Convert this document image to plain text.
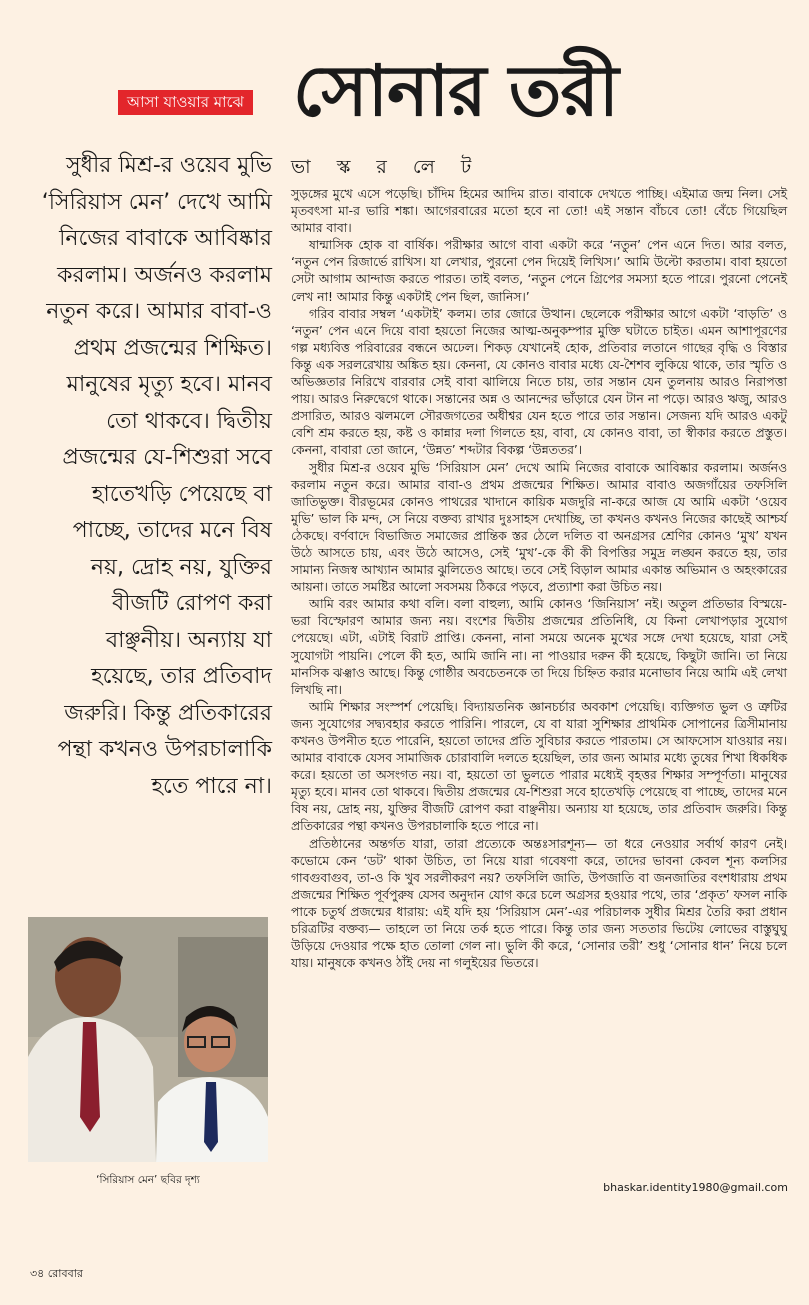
আসা যাওয়ার মাঝে সোনার তরী
ভা স্ক র লে ট
সুধীর মিশ্র-র ওয়েব মুভি ‘সিরিয়াস মেন’ দেখে আমি নিজের বাবাকে আবিষ্কার করলাম। অর্জনও করলাম নতুন করে। আমার বাবা-ও প্রথম প্রজন্মের শিক্ষিত। মানুষের মৃত্যু হবে। মানব তো থাকবে। দ্বিতীয় প্রজন্মের যে-শিশুরা সবে হাতেখড়ি পেয়েছে বা পাচ্ছে, তাদের মনে বিষ নয়, দ্রোহ নয়, যুক্তির বীজটি রোপণ করা বাঞ্ছনীয়। অন্যায় যা হয়েছে, তার প্রতিবাদ জরুরি। কিন্তু প্রতিকারের পন্থা কখনও উপরচালাকি হতে পারে না।
‘সিরিয়াস মেন’ ছবির দৃশ্য

সুড়ঙ্গের মুখে এসে পড়েছি। চাঁদিম হিমের আদিম রাত। বাবাকে দেখতে পাচ্ছি। এইমাত্র জন্ম নিল। সেই মৃতবৎসা মা-র ভারি শঙ্কা। আগেরবারের মতো হবে না তো! এই সন্তান বাঁচবে তো! বেঁচে গিয়েছিল আমার বাবা।

ষান্মাসিক হোক বা বার্ষিক। পরীক্ষার আগে বাবা একটা করে ‘নতুন’ পেন এনে দিত। আর বলত, ‘নতুন পেন রিজার্ভে রাখিস। যা লেখার, পুরনো পেন দিয়েই লিখিস।’ আমি উল্টো করতাম। বাবা হয়তো সেটা আগাম আন্দাজ করতে পারত। তাই বলত, ‘নতুন পেনে গ্রিপের সমস্যা হতে পারে। পুরনো পেনেই লেখ না! আমার কিন্তু একটাই পেন ছিল, জানিস।’

গরিব বাবার সম্বল ‘একটাই’ কলম। তার জোরে উত্থান। ছেলেকে পরীক্ষার আগে একটা ‘বাড়তি’ ও ‘নতুন’ পেন এনে দিয়ে বাবা হয়তো নিজের আত্ম-অনুকম্পার মুক্তি ঘটাতে চাইত। এমন আশাপূরণের গল্প মধ্যবিত্ত পরিবারের বন্ধনে অঢেল। শিকড় যেখানেই হোক, প্রতিবার লতানে গাছের বৃদ্ধি ও বিস্তার কিন্তু এক সরলরেখায় অঙ্কিত হয়। কেননা, যে কোনও বাবার মধ্যে যে-শৈশব লুকিয়ে থাকে, তার স্মৃতি ও অভিজ্ঞতার নিরিখে বারবার সেই বাবা ঝালিয়ে নিতে চায়, তার সন্তান যেন তুলনায় আরও নিরাপত্তা পায়। আরও নিরুদ্বেগে থাকে। সন্তানের অন্ন ও আনন্দের ভাঁড়ারে যেন টান না পড়ে। আরও ঋজু, আরও প্রসারিত, আরও ঝলমলে সৌরজগতের অধীশ্বর যেন হতে পারে তার সন্তান। সেজন্য যদি আরও একটু বেশি শ্রম করতে হয়, কষ্ট ও কান্নার দলা গিলতে হয়, বাবা, যে কোনও বাবা, তা স্বীকার করতে প্রস্তুত। কেননা, বাবারা তো জানে, ‘উন্নত’ শব্দটার বিকল্প ‘উন্নততর’।

সুধীর মিশ্র-র ওয়েব মুভি ‘সিরিয়াস মেন’ দেখে আমি নিজের বাবাকে আবিষ্কার করলাম। অর্জনও করলাম নতুন করে। আমার বাবা-ও প্রথম প্রজন্মের শিক্ষিত। আমার বাবাও অজগাঁয়ের তফসিলি জাতিভুক্ত। বীরভূমের কোনও পাথরের খাদানে কায়িক মজদুরি না-করে আজ যে আমি একটা ‘ওয়েব মুভি’ ভাল কি মন্দ, সে নিয়ে বক্তব্য রাখার দুঃসাহস দেখাচ্ছি, তা কখনও কখনও নিজের কাছেই আশ্চর্য ঠেকছে। বর্ণবাদে বিভাজিত সমাজের প্রান্তিক স্তর ঠেলে দলিত বা অনগ্রসর শ্রেণির কোনও ‘মুখ’ যখন উঠে আসতে চায়, এবং উঠে আসেও, সেই ‘মুখ’-কে কী কী বিপত্তির সমুদ্র লঙ্ঘন করতে হয়, তার সামান্য নিজস্ব আখ্যান আমার ঝুলিতেও আছে। তবে সেই বিড়াল আমার একান্ত অভিমান ও অহংকারের আয়না। তাতে সমষ্টির আলো সবসময় ঠিকরে পড়বে, প্রত্যাশা করা উচিত নয়।

আমি বরং আমার কথা বলি। বলা বাহুল্য, আমি কোনও ‘জিনিয়াস’ নই। অতুল প্রতিভার বিস্ময়ে-ভরা বিস্ফোরণ আমার জন্য নয়। বংশের দ্বিতীয় প্রজন্মের প্রতিনিধি, যে কিনা লেখাপড়ার সুযোগ পেয়েছে। এটা, এটাই বিরাট প্রাপ্তি। কেননা, নানা সময়ে অনেক মুখের সঙ্গে দেখা হয়েছে, যারা সেই সুযোগটা পায়নি। পেলে কী হত, আমি জানি না। না পাওয়ার দরুন কী হয়েছে, কিছুটা জানি। তা নিয়ে মানসিক ঝঞ্ঝাও আছে। কিন্তু গোষ্ঠীর অবচেতনকে তা দিয়ে চিহ্নিত করার মনোভাব নিয়ে আমি এই লেখা লিখছি না।

আমি শিক্ষার সংস্পর্শ পেয়েছি। বিদ্যায়তনিক জ্ঞানচর্চার অবকাশ পেয়েছি। ব্যক্তিগত ভুল ও ত্রুটির জন্য সুযোগের সদ্ব্যবহার করতে পারিনি। পারলে, যে বা যারা সুশিক্ষার প্রাথমিক সোপানের ত্রিসীমানায় কখনও উপনীত হতে পারেনি, হয়তো তাদের প্রতি সুবিচার করতে পারতাম। সে আফসোস যাওয়ার নয়। আমার বাবাকে যেসব সামাজিক চোরাবালি দলতে হয়েছিল, তার জন্য আমার মধ্যে তুষের শিখা ধিকধিক করে। হয়তো তা অসংগত নয়। বা, হয়তো তা ভুলতে পারার মধ্যেই বৃহত্তর শিক্ষার সম্পূর্ণতা। মানুষের মৃত্যু হবে। মানব তো থাকবে। দ্বিতীয় প্রজন্মের যে-শিশুরা সবে হাতেখড়ি পেয়েছে বা পাচ্ছে, তাদের মনে বিষ নয়, দ্রোহ নয়, যুক্তির বীজটি রোপণ করা বাঞ্ছনীয়। অন্যায় যা হয়েছে, তার প্রতিবাদ জরুরি। কিন্তু প্রতিকারের পন্থা কখনও উপরচালাকি হতে পারে না।

প্রতিষ্ঠানের অন্তর্গত যারা, তারা প্রত্যেকে অন্তঃসারশূন্য— তা ধরে নেওয়ার সর্বার্থ কারণ নেই। কভোমে কেন ‘ডট’ থাকা উচিত, তা নিয়ে যারা গবেষণা করে, তাদের ভাবনা কেবল শূন্য কলসির গাবগুবাগুব, তা-ও কি খুব সরলীকরণ নয়? তফসিলি জাতি, উপজাতি বা জনজাতির বংশধারায় প্রথম প্রজন্মের শিক্ষিত পূর্বপুরুষ যেসব অনুদান যোগ করে চলে অগ্রসর হওয়ার পথে, তার ‘প্রকৃত’ ফসল নাকি পাকে চতুর্থ প্রজন্মের ধারায়: এই যদি হয় ‘সিরিয়াস মেন’-এর পরিচালক সুধীর মিশ্রর তৈরি করা প্রধান চরিত্রটির বক্তব্য— তাহলে তা নিয়ে তর্ক হতে পারে। কিন্তু তার জন্য সততার ভিটেয় লোভের বাস্তুঘুঘু উড়িয়ে দেওয়ার পক্ষে হাত তোলা গেল না। ভুলি কী করে, ‘সোনার তরী’ শুধু ‘সোনার ধান’ নিয়ে চলে যায়। মানুষকে কখনও ঠাঁই দেয় না গলুইয়ের ভিতরে।

bhaskar.identity1980@gmail.com
৩৪ রোববার
